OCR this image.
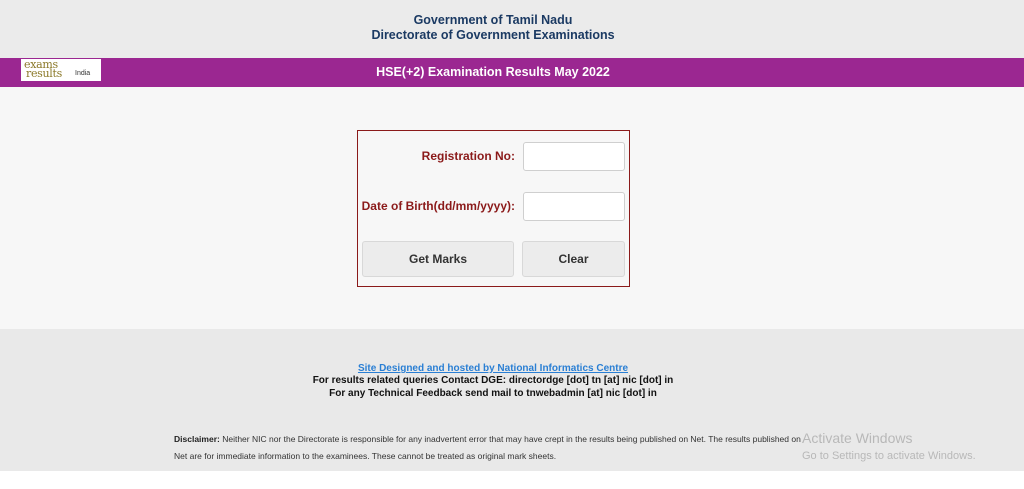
Government of Tamil Nadu
Directorate of Government Examinations
HSE(+2) Examination Results May 2022
exams
results India
Registration No:
Date of Birth(dd/mm/yyyy):
Get Marks	Clear
Site Designed and hosted by National Informatics Centre
For results related queries Contact DGE: directordge [dot] tn [at] nic [dot] in
For any Technical Feedback send mail to tnwebadmin [at] nic [dot] in
Disclaimer: Neither NIC nor the Directorate is responsible for any inadvertent error that may have crept in the results being published on Net. The results published on Net are for immediate information to the examinees. These cannot be treated as original mark sheets.
Activate Windows
Go to Settings to activate Windows.
